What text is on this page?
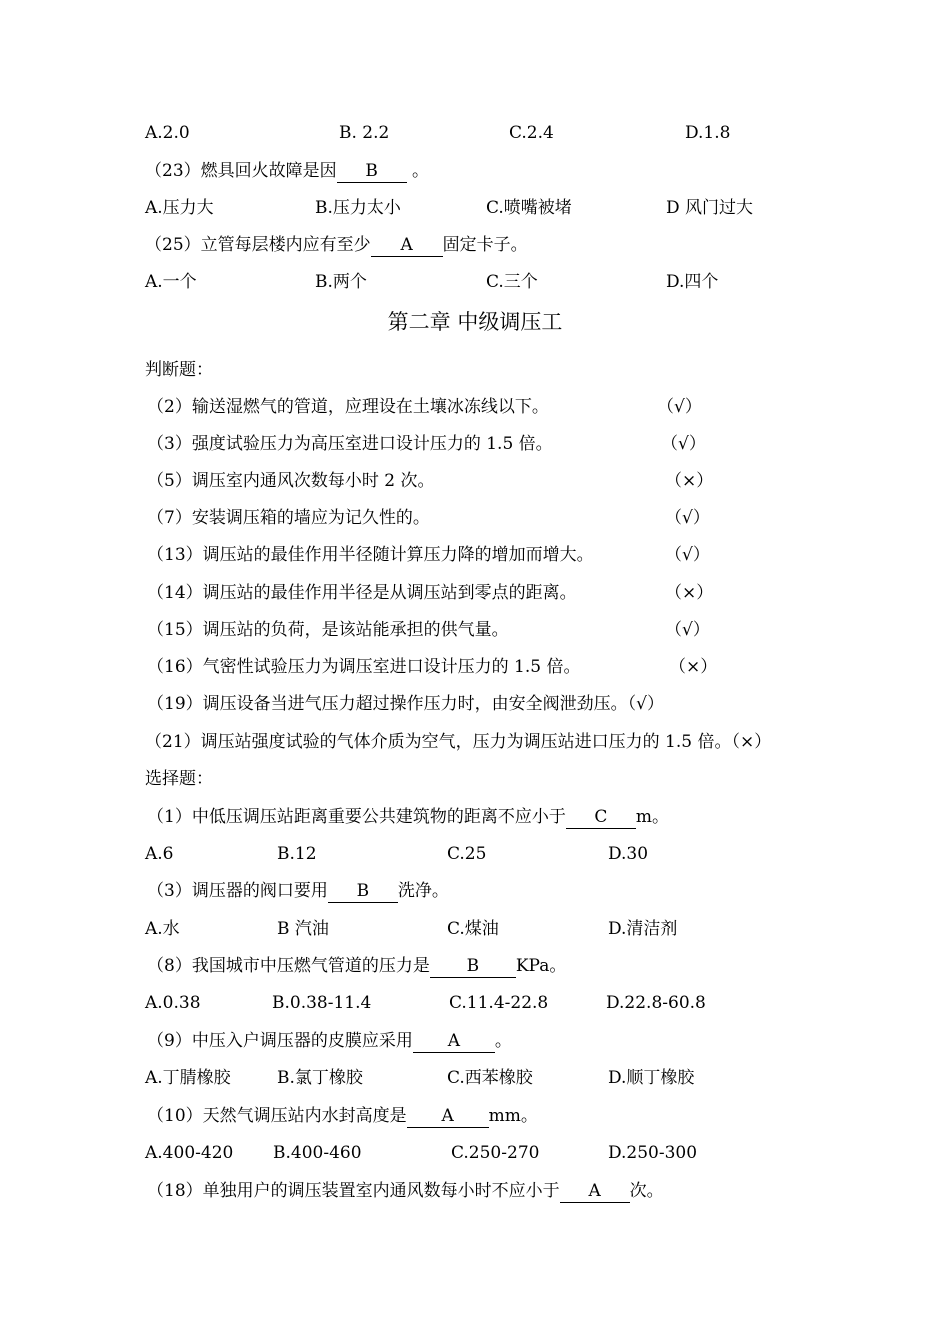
A.2.0	B. 2.2	C.2.4	D.1.8
（23）燃具回火故障是因 B 。
A.压力大	B.压力太小	C.喷嘴被堵	D 风门过大
（25）立管每层楼内应有至少 A 固定卡子。
A.一个	B.两个	C.三个	D.四个
第二章 中级调压工
判断题：
（2）输送湿燃气的管道，应理设在土壤冰冻线以下。	（√）
（3）强度试验压力为高压室进口设计压力的 1.5 倍。	（√）
（5）调压室内通风次数每小时 2 次。	（×）
（7）安装调压箱的墙应为记久性的。	（√）
（13）调压站的最佳作用半径随计算压力降的增加而增大。	（√）
（14）调压站的最佳作用半径是从调压站到零点的距离。	（×）
（15）调压站的负荷，是该站能承担的供气量。	（√）
（16）气密性试验压力为调压室进口设计压力的 1.5 倍。	（×）
（19）调压设备当进气压力超过操作压力时，由安全阀泄劲压。（√）
（21）调压站强度试验的气体介质为空气，压力为调压站进口压力的 1.5 倍。（×）
选择题：
（1）中低压调压站距离重要公共建筑物的距离不应小于 C m。
A.6	B.12	C.25	D.30
（3）调压器的阀口要用 B 洗净。
A.水	B 汽油	C.煤油	D.清洁剂
（8）我国城市中压燃气管道的压力是 B KPa。
A.0.38	B.0.38-11.4	C.11.4-22.8	D.22.8-60.8
（9）中压入户调压器的皮膜应采用 A 。
A.丁腈橡胶	B.氯丁橡胶	C.西苯橡胶	D.顺丁橡胶
（10）天然气调压站内水封高度是 A mm。
A.400-420 B.400-460	C.250-270	D.250-300
（18）单独用户的调压装置室内通风数每小时不应小于 A 次。
